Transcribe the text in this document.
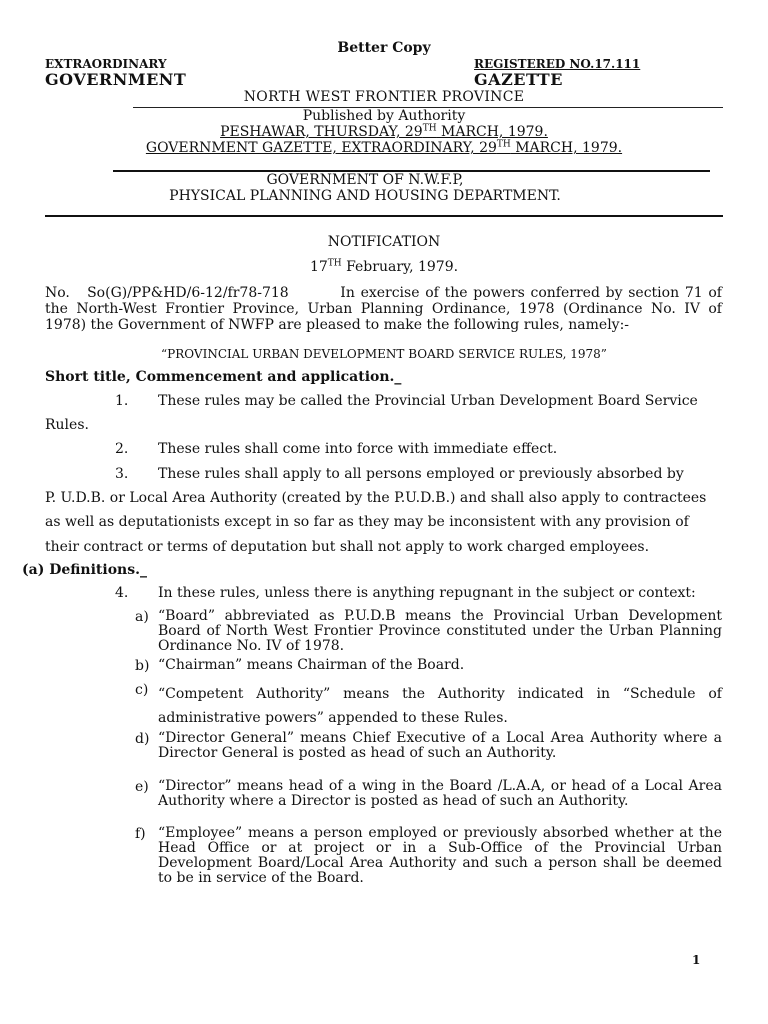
Better Copy
EXTRAORDINARY
GOVERNMENT
REGISTERED NO.17.111
GAZETTE
NORTH WEST FRONTIER PROVINCE
Published by Authority
PESHAWAR, THURSDAY, 29TH MARCH, 1979.
GOVERNMENT GAZETTE, EXTRAORDINARY, 29TH MARCH, 1979.
GOVERNMENT OF N.W.F.P,
PHYSICAL PLANNING AND HOUSING DEPARTMENT.
NOTIFICATION
17TH February, 1979.
No.   So(G)/PP&HD/6-12/fr78-718         In exercise of the powers conferred by section 71 of the North-West Frontier Province, Urban Planning Ordinance, 1978 (Ordinance No. IV of 1978) the Government of NWFP are pleased to make the following rules, namely:-
“PROVINCIAL URBAN DEVELOPMENT BOARD SERVICE RULES, 1978”
Short title, Commencement and application._
1. These rules may be called the Provincial Urban Development Board Service
Rules.
2. These rules shall come into force with immediate effect.
3. These rules shall apply to all persons employed or previously absorbed by
P. U.D.B. or Local Area Authority (created by the P.U.D.B.) and shall also apply to contractees
as well as deputationists except in so far as they may be inconsistent with any provision of
their contract or terms of deputation but shall not apply to work charged employees.
(a) Definitions._
4. In these rules, unless there is anything repugnant in the subject or context:
a) “Board” abbreviated as P.U.D.B means the Provincial Urban Development Board of North West Frontier Province constituted under the Urban Planning Ordinance No. IV of 1978.
b) “Chairman” means Chairman of the Board.
c) “Competent Authority” means the Authority indicated in “Schedule of administrative powers” appended to these Rules.
d) “Director General” means Chief Executive of a Local Area Authority where a Director General is posted as head of such an Authority.
e) “Director” means head of a wing in the Board /L.A.A, or head of a Local Area Authority where a Director is posted as head of such an Authority.
f) “Employee” means a person employed or previously absorbed whether at the Head Office or at project or in a Sub-Office of the Provincial Urban Development Board/Local Area Authority and such a person shall be deemed to be in service of the Board.
1
